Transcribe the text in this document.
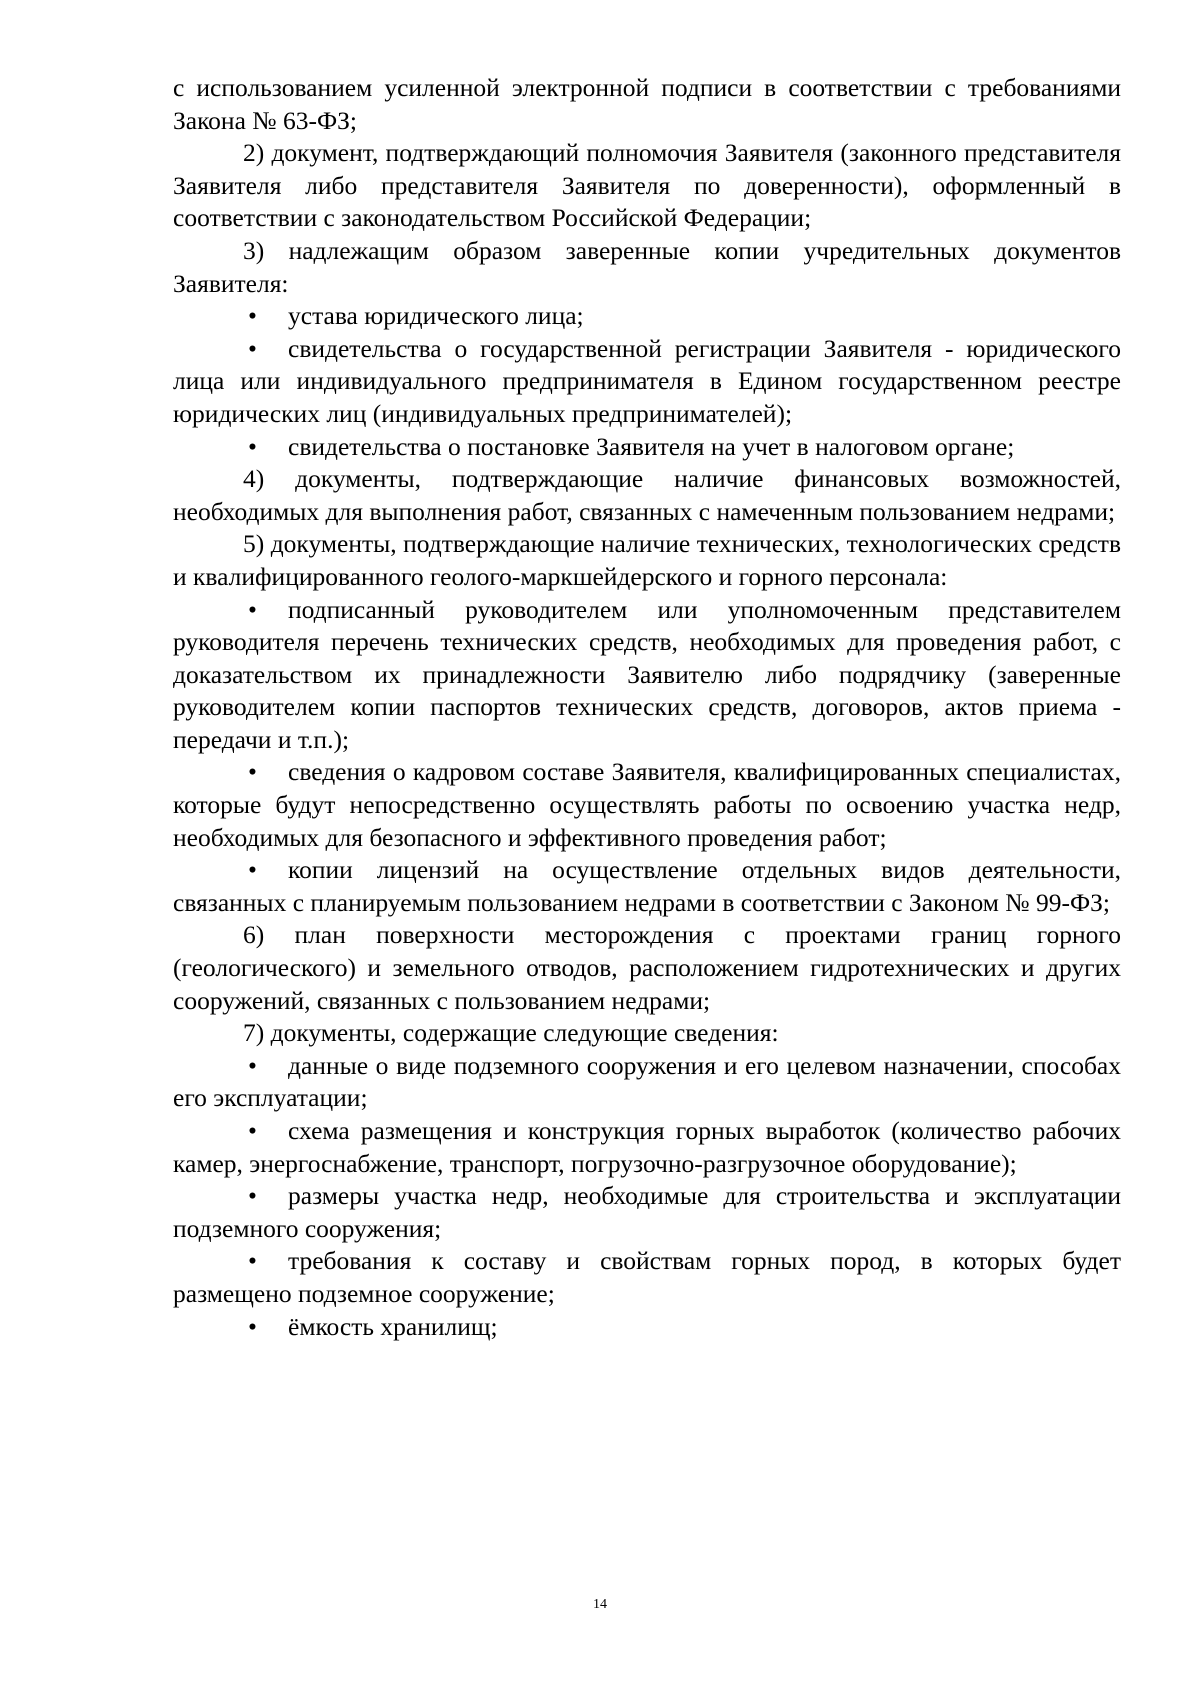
с использованием усиленной электронной подписи в соответствии с требованиями Закона № 63-ФЗ;

2) документ, подтверждающий полномочия Заявителя (законного представителя Заявителя либо представителя Заявителя по доверенности), оформленный в соответствии с законодательством Российской Федерации;

3) надлежащим образом заверенные копии учредительных документов Заявителя:

• устава юридического лица;

• свидетельства о государственной регистрации Заявителя - юридического лица или индивидуального предпринимателя в Едином государственном реестре юридических лиц (индивидуальных предпринимателей);

• свидетельства о постановке Заявителя на учет в налоговом органе;

4) документы, подтверждающие наличие финансовых возможностей, необходимых для выполнения работ, связанных с намеченным пользованием недрами;

5) документы, подтверждающие наличие технических, технологических средств и квалифицированного геолого-маркшейдерского и горного персонала:

• подписанный руководителем или уполномоченным представителем руководителя перечень технических средств, необходимых для проведения работ, с доказательством их принадлежности Заявителю либо подрядчику (заверенные руководителем копии паспортов технических средств, договоров, актов приема - передачи и т.п.);

• сведения о кадровом составе Заявителя, квалифицированных специалистах, которые будут непосредственно осуществлять работы по освоению участка недр, необходимых для безопасного и эффективного проведения работ;

• копии лицензий на осуществление отдельных видов деятельности, связанных с планируемым пользованием недрами в соответствии с Законом № 99-ФЗ;

6) план поверхности месторождения с проектами границ горного (геологического) и земельного отводов, расположением гидротехнических и других сооружений, связанных с пользованием недрами;

7) документы, содержащие следующие сведения:

• данные о виде подземного сооружения и его целевом назначении, способах его эксплуатации;

• схема размещения и конструкция горных выработок (количество рабочих камер, энергоснабжение, транспорт, погрузочно-разгрузочное оборудование);

• размеры участка недр, необходимые для строительства и эксплуатации подземного сооружения;

• требования к составу и свойствам горных пород, в которых будет размещено подземное сооружение;

• ёмкость хранилищ;

14
